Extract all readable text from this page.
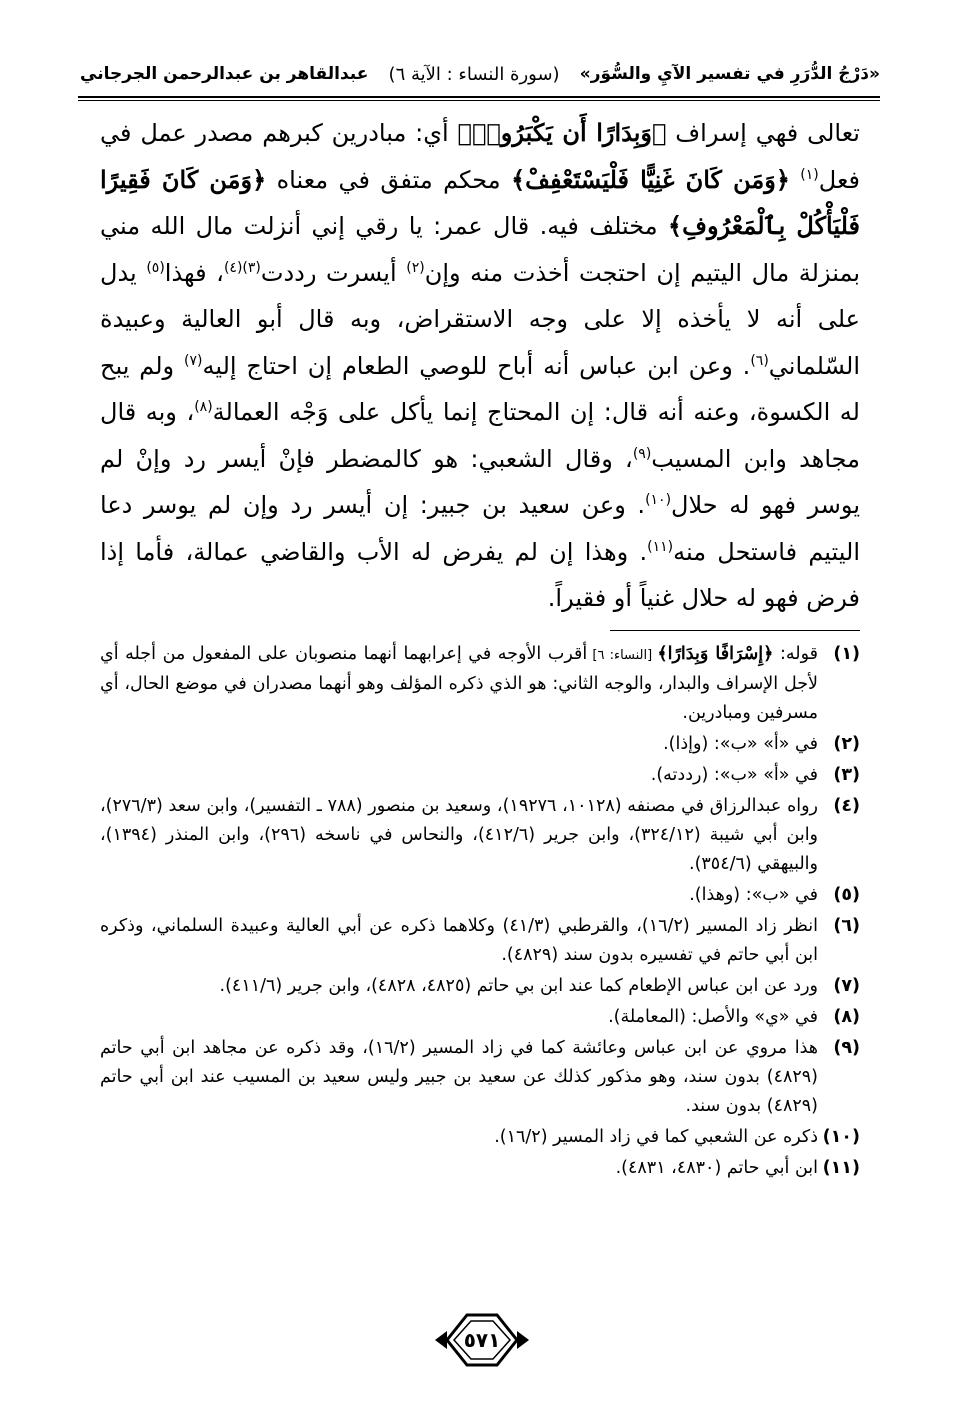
«دَرْجُ الدُّرَرِ في تفسير الآيِ والسُّوَر»
(سورة النساء : الآية ٦)
عبدالقاهر بن عبدالرحمن الجرجاني

تعالى فهي إسراف ﴿وَبِدَارًا أَن يَكْبَرُوا۟﴾ أي: مبادرين كبرهم مصدر عمل في فعل$^{(١)}$ ﴿وَمَن كَانَ غَنِيًّا فَلْيَسْتَعْفِفْ﴾ محكم متفق في معناه ﴿وَمَن كَانَ فَقِيرًا فَلْيَأْكُلْ بِٱلْمَعْرُوفِ﴾ مختلف فيه. قال عمر: يا رقي إني أنزلت مال الله مني بمنزلة مال اليتيم إن احتجت أخذت منه وإن$^{(٢)}$ أيسرت رددت$^{(٣)(٤)}$، فهذا$^{(٥)}$ يدل على أنه لا يأخذه إلا على وجه الاستقراض، وبه قال أبو العالية وعبيدة السّلماني$^{(٦)}$. وعن ابن عباس أنه أباح للوصي الطعام إن احتاج إليه$^{(٧)}$ ولم يبح له الكسوة، وعنه أنه قال: إن المحتاج إنما يأكل على وَجْه العمالة$^{(٨)}$، وبه قال مجاهد وابن المسيب$^{(٩)}$، وقال الشعبي: هو كالمضطر فإنْ أيسر رد وإنْ لم يوسر فهو له حلال$^{(١٠)}$. وعن سعيد بن جبير: إن أيسر رد وإن لم يوسر دعا اليتيم فاستحل منه$^{(١١)}$. وهذا إن لم يفرض له الأب والقاضي عمالة، فأما إذا فرض فهو له حلال غنياً أو فقيراً.

(١)
قوله: ﴿إِسْرَافًا وَبِدَارًا﴾ [النساء: ٦] أقرب الأوجه في إعرابهما أنهما منصوبان على المفعول من أجله أي لأجل الإسراف والبدار، والوجه الثاني: هو الذي ذكره المؤلف وهو أنهما مصدران في موضع الحال، أي مسرفين ومبادرين.
(٢)
في «أ» «ب»: (وإذا).
(٣)
في «أ» «ب»: (رددته).
(٤)
رواه عبدالرزاق في مصنفه (١٠١٢٨، ١٩٢٧٦)، وسعيد بن منصور (٧٨٨ ـ التفسير)، وابن سعد (٢٧٦/٣)، وابن أبي شيبة (٣٢٤/١٢)، وابن جرير (٤١٢/٦)، والنحاس في ناسخه (٢٩٦)، وابن المنذر (١٣٩٤)، والبيهقي (٣٥٤/٦).
(٥)
في «ب»: (وهذا).
(٦)
انظر زاد المسير (١٦/٢)، والقرطبي (٤١/٣) وكلاهما ذكره عن أبي العالية وعبيدة السلماني، وذكره ابن أبي حاتم في تفسيره بدون سند (٤٨٢٩).
(٧)
ورد عن ابن عباس الإطعام كما عند ابن بي حاتم (٤٨٢٥، ٤٨٢٨)، وابن جرير (٤١١/٦).
(٨)
في «ي» والأصل: (المعاملة).
(٩)
هذا مروي عن ابن عباس وعائشة كما في زاد المسير (١٦/٢)، وقد ذكره عن مجاهد ابن أبي حاتم (٤٨٢٩) بدون سند، وهو مذكور كذلك عن سعيد بن جبير وليس سعيد بن المسيب عند ابن أبي حاتم (٤٨٢٩) بدون سند.
(١٠)
ذكره عن الشعبي كما في زاد المسير (١٦/٢).
(١١)
ابن أبي حاتم (٤٨٣٠، ٤٨٣١).
٥٧١
